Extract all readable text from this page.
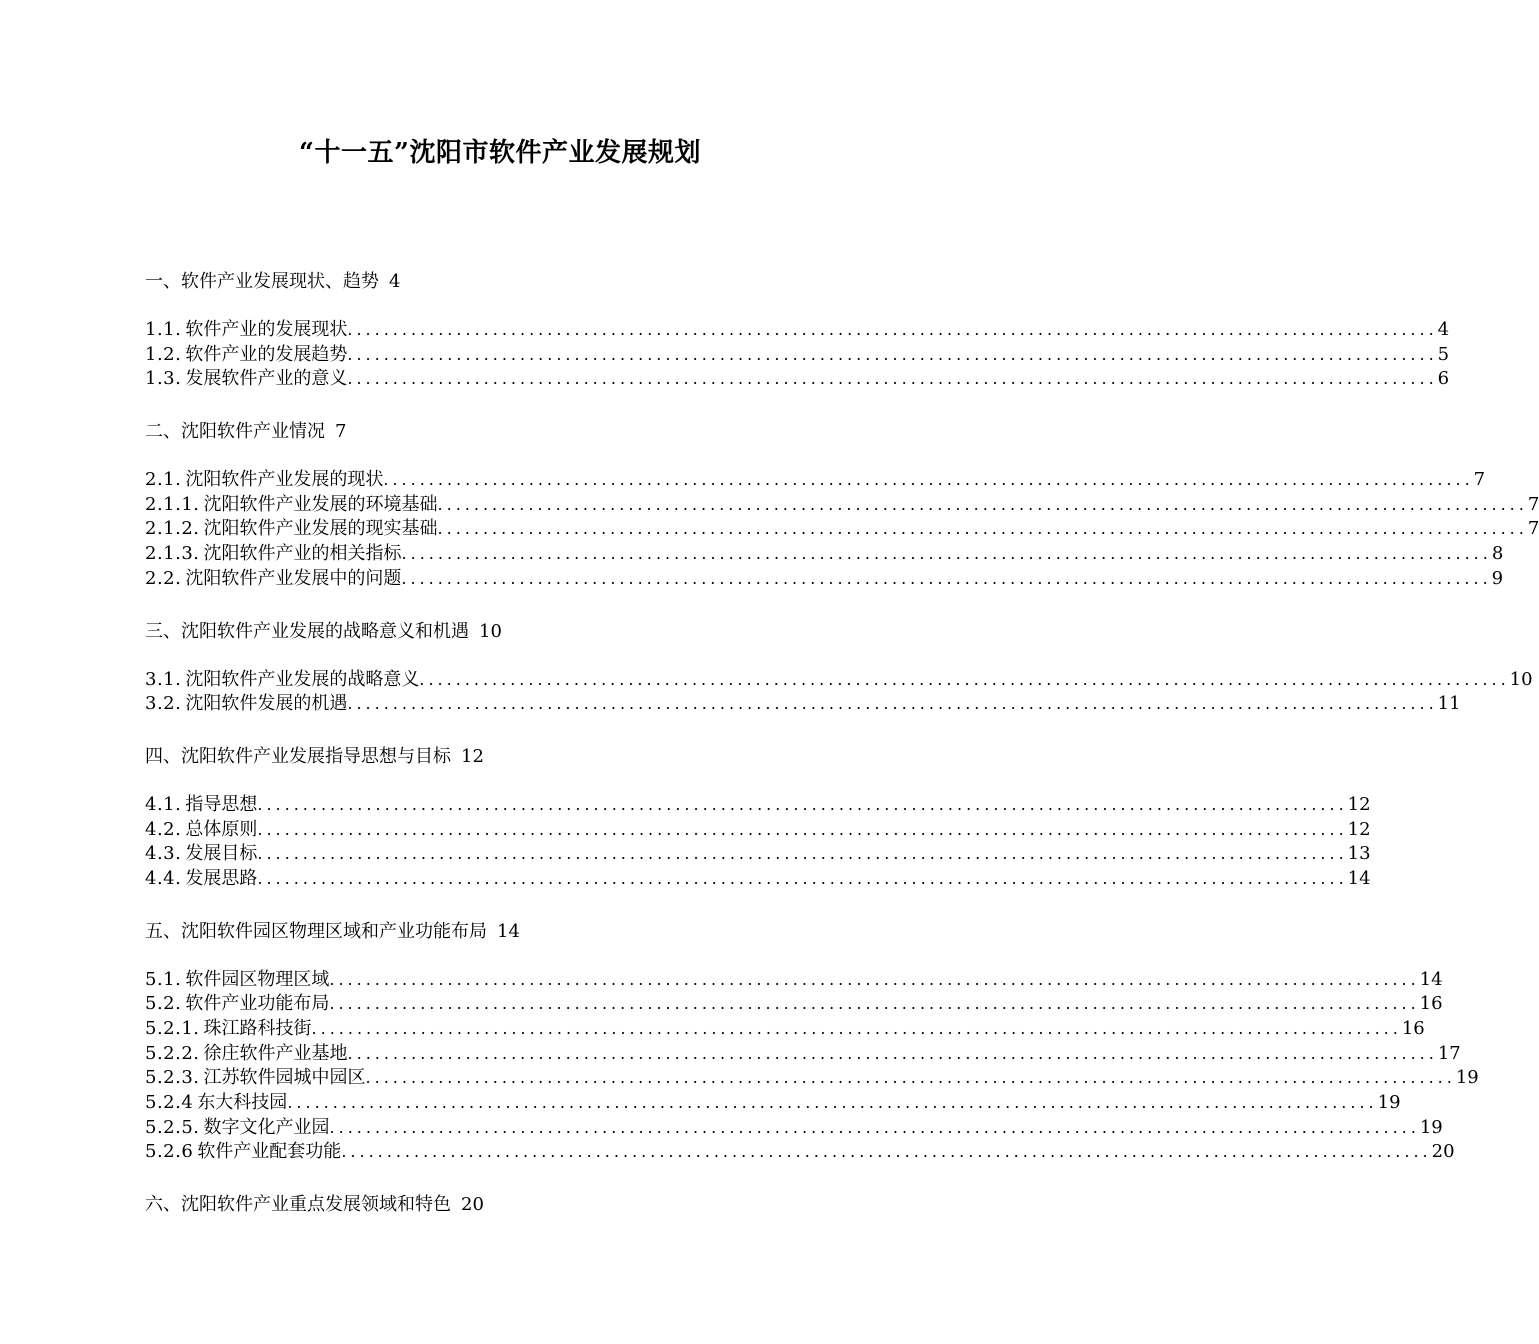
“十一五”沈阳市软件产业发展规划
一、软件产业发展现状、趋势 4
1.1. 软件产业的发展现状 ........................................................................................................................ 4
1.2. 软件产业的发展趋势 ........................................................................................................................ 5
1.3. 发展软件产业的意义 ........................................................................................................................ 6
二、沈阳软件产业情况 7
2.1. 沈阳软件产业发展的现状 ........................................................................................................................ 7
2.1.1. 沈阳软件产业发展的环境基础 ........................................................................................................................ 7
2.1.2. 沈阳软件产业发展的现实基础 ........................................................................................................................ 7
2.1.3. 沈阳软件产业的相关指标 ........................................................................................................................ 8
2.2. 沈阳软件产业发展中的问题 ........................................................................................................................ 9
三、沈阳软件产业发展的战略意义和机遇 10
3.1. 沈阳软件产业发展的战略意义 ........................................................................................................................ 10
3.2. 沈阳软件发展的机遇 ........................................................................................................................ 11
四、沈阳软件产业发展指导思想与目标 12
4.1. 指导思想 ........................................................................................................................ 12
4.2. 总体原则 ........................................................................................................................ 12
4.3. 发展目标 ........................................................................................................................ 13
4.4. 发展思路 ........................................................................................................................ 14
五、沈阳软件园区物理区域和产业功能布局 14
5.1. 软件园区物理区域 ........................................................................................................................ 14
5.2. 软件产业功能布局 ........................................................................................................................ 16
5.2.1. 珠江路科技街 ........................................................................................................................ 16
5.2.2. 徐庄软件产业基地 ........................................................................................................................ 17
5.2.3. 江苏软件园城中园区 ........................................................................................................................ 19
5.2.4 东大科技园 ........................................................................................................................ 19
5.2.5. 数字文化产业园 ........................................................................................................................ 19
5.2.6 软件产业配套功能 ........................................................................................................................ 20
六、沈阳软件产业重点发展领域和特色 20
